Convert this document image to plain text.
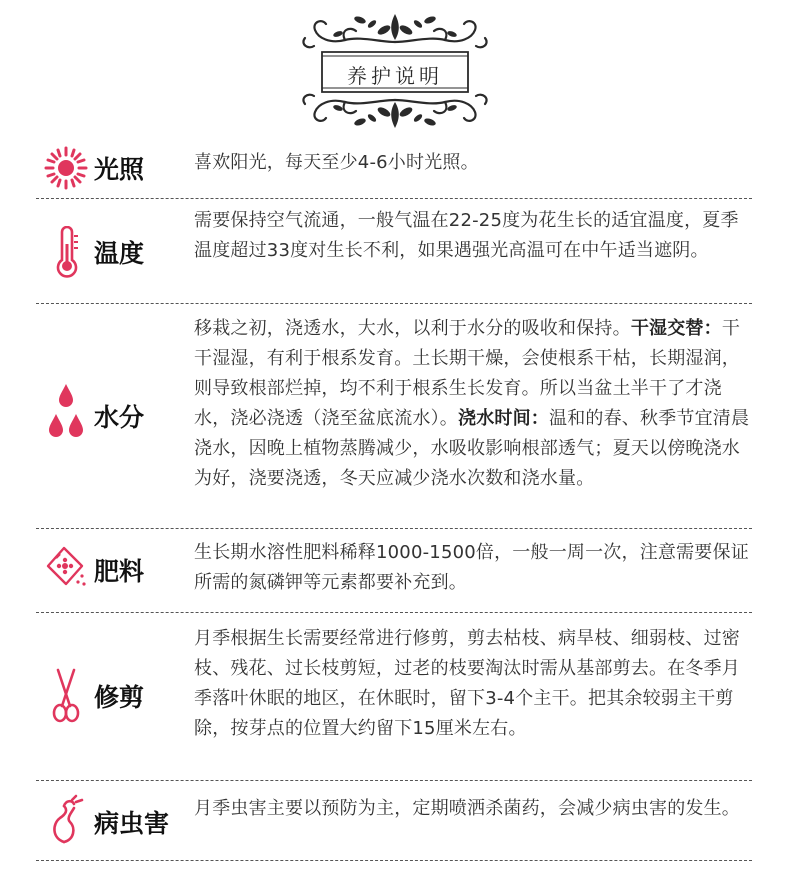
养护说明
光照	喜欢阳光，每天至少4-6小时光照。
温度
需要保持空气流通，一般气温在22-25度为花生长的适宜温度，夏季温度超过33度对生长不利，如果遇强光高温可在中午适当遮阴。
水分
移栽之初，浇透水，大水，以利于水分的吸收和保持。干湿交替：干干湿湿，有利于根系发育。土长期干燥，会使根系干枯，长期湿润，则导致根部烂掉，均不利于根系生长发育。所以当盆土半干了才浇水，浇必浇透（浇至盆底流水）。浇水时间：温和的春、秋季节宜清晨浇水，因晚上植物蒸腾减少，水吸收影响根部透气；夏天以傍晚浇水为好，浇要浇透，冬天应减少浇水次数和浇水量。
肥料
生长期水溶性肥料稀释1000-1500倍，一般一周一次，注意需要保证所需的氮磷钾等元素都要补充到。
修剪
月季根据生长需要经常进行修剪，剪去枯枝、病旱枝、细弱枝、过密枝、残花、过长枝剪短，过老的枝要淘汰时需从基部剪去。在冬季月季落叶休眠的地区，在休眠时，留下3-4个主干。把其余较弱主干剪除，按芽点的位置大约留下15厘米左右。
病虫害
月季虫害主要以预防为主，定期喷洒杀菌药，会减少病虫害的发生。
